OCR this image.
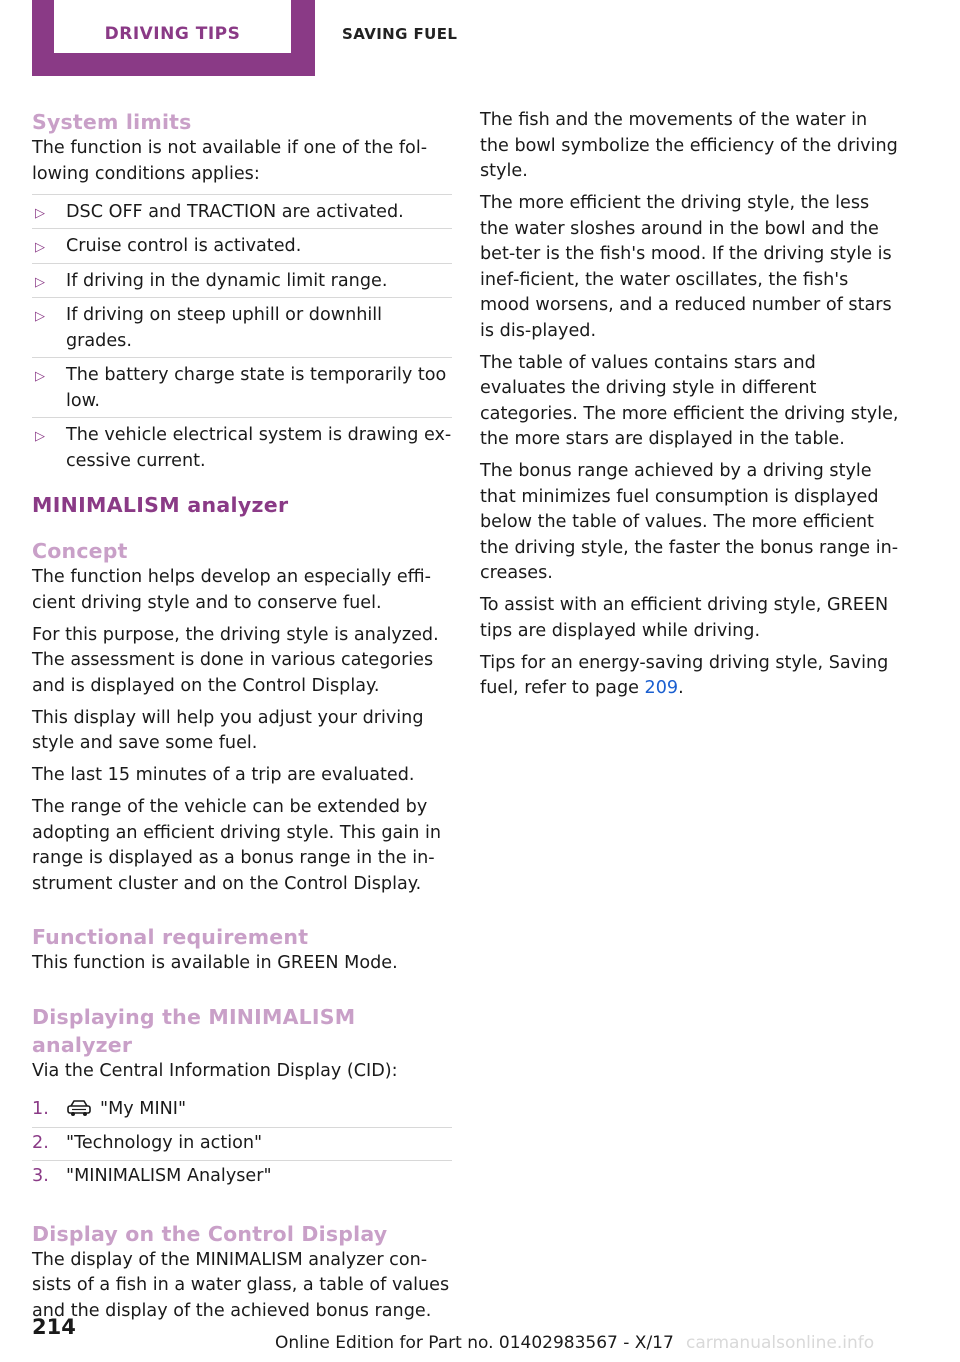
DRIVING TIPS	SAVING FUEL
System limits

The function is not available if one of the fol‐lowing conditions applies:

▷ DSC OFF and TRACTION are activated.
▷ Cruise control is activated.
▷ If driving in the dynamic limit range.
▷ If driving on steep uphill or downhill grades.
▷ The battery charge state is temporarily too low.
▷ The vehicle electrical system is drawing ex‐cessive current.
MINIMALISM analyzer
Concept

The function helps develop an especially effi‐cient driving style and to conserve fuel.

For this purpose, the driving style is analyzed. The assessment is done in various categories and is displayed on the Control Display.

This display will help you adjust your driving style and save some fuel.

The last 15 minutes of a trip are evaluated.

The range of the vehicle can be extended by adopting an efficient driving style. This gain in range is displayed as a bonus range in the in‐strument cluster and on the Control Display.

Functional requirement

This function is available in GREEN Mode.

Displaying the MINIMALISM analyzer

Via the Central Information Display (CID):

1.	"My MINI"
2. "Technology in action"
3. "MINIMALISM Analyser"
Display on the Control Display

The display of the MINIMALISM analyzer con‐sists of a fish in a water glass, a table of values and the display of the achieved bonus range.

The fish and the movements of the water in the bowl symbolize the efficiency of the driving style.

The more efficient the driving style, the less the water sloshes around in the bowl and the bet‐ter is the fish's mood. If the driving style is inef‐ficient, the water oscillates, the fish's mood worsens, and a reduced number of stars is dis‐played.

The table of values contains stars and evaluates the driving style in different categories. The more efficient the driving style, the more stars are displayed in the table.

The bonus range achieved by a driving style that minimizes fuel consumption is displayed below the table of values. The more efficient the driving style, the faster the bonus range in‐creases.

To assist with an efficient driving style, GREEN tips are displayed while driving.

Tips for an energy-saving driving style, Saving fuel, refer to page 209.

214
Online Edition for Part no. 01402983567 - X/17 carmanualsonline.info
